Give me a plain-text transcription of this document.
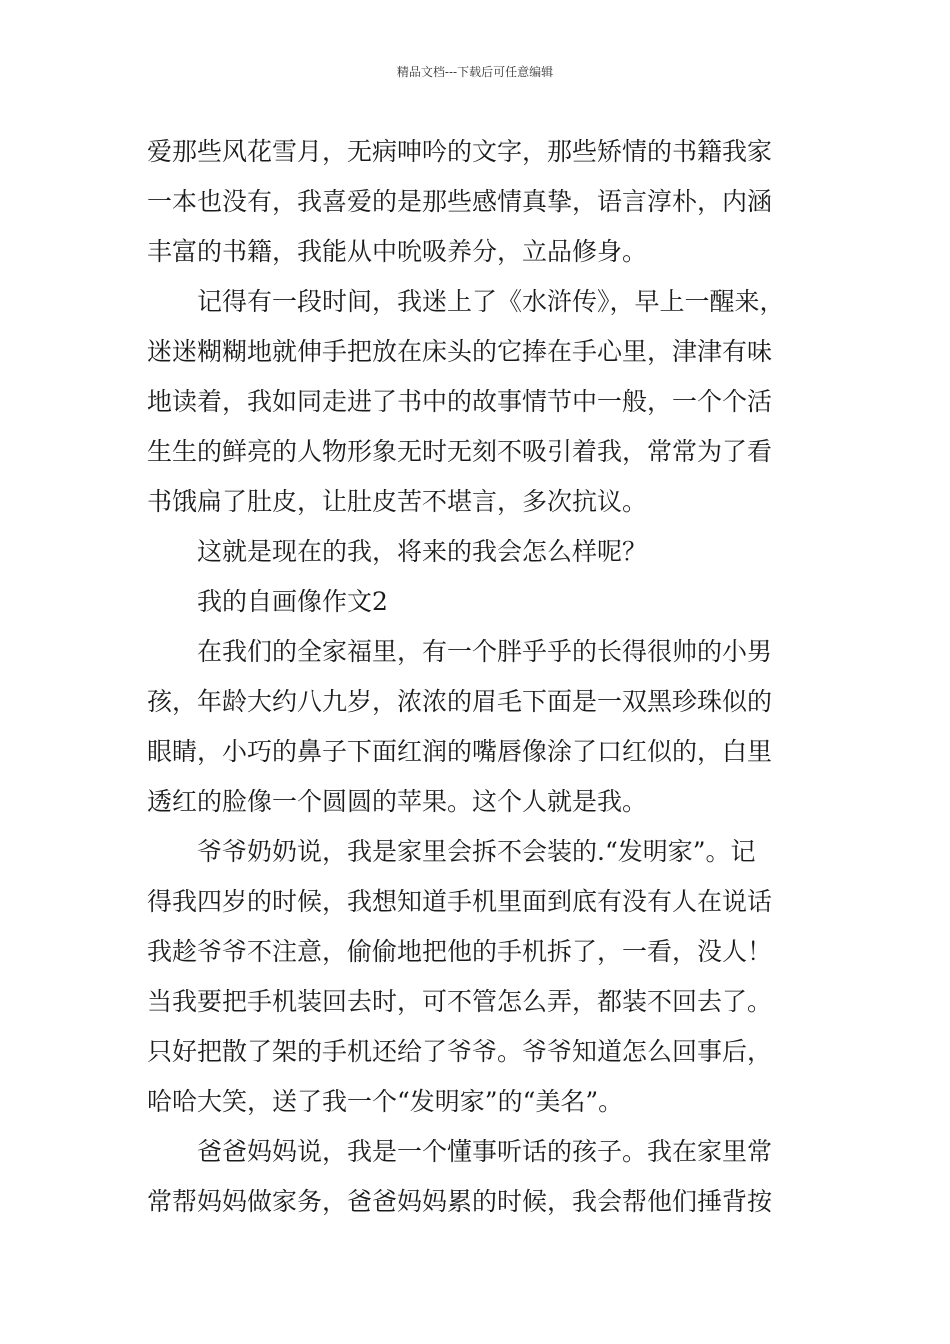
精品文档---下载后可任意编辑
爱那些风花雪月，无病呻吟的文字，那些矫情的书籍我家
一本也没有，我喜爱的是那些感情真挚，语言淳朴，内涵
丰富的书籍，我能从中吮吸养分，立品修身。
记得有一段时间，我迷上了《水浒传》，早上一醒来，
迷迷糊糊地就伸手把放在床头的它捧在手心里，津津有味
地读着，我如同走进了书中的故事情节中一般，一个个活
生生的鲜亮的人物形象无时无刻不吸引着我，常常为了看
书饿扁了肚皮，让肚皮苦不堪言，多次抗议。
这就是现在的我，将来的我会怎么样呢？
我的自画像作文2
在我们的全家福里，有一个胖乎乎的长得很帅的小男
孩，年龄大约八九岁，浓浓的眉毛下面是一双黑珍珠似的
眼睛，小巧的鼻子下面红润的嘴唇像涂了口红似的，白里
透红的脸像一个圆圆的苹果。这个人就是我。
爷爷奶奶说，我是家里会拆不会装的.“发明家”。记
得我四岁的时候，我想知道手机里面到底有没有人在说话
我趁爷爷不注意，偷偷地把他的手机拆了，一看，没人！
当我要把手机装回去时，可不管怎么弄，都装不回去了。
只好把散了架的手机还给了爷爷。爷爷知道怎么回事后，
哈哈大笑，送了我一个“发明家”的“美名”。
爸爸妈妈说，我是一个懂事听话的孩子。我在家里常
常帮妈妈做家务，爸爸妈妈累的时候，我会帮他们捶背按
